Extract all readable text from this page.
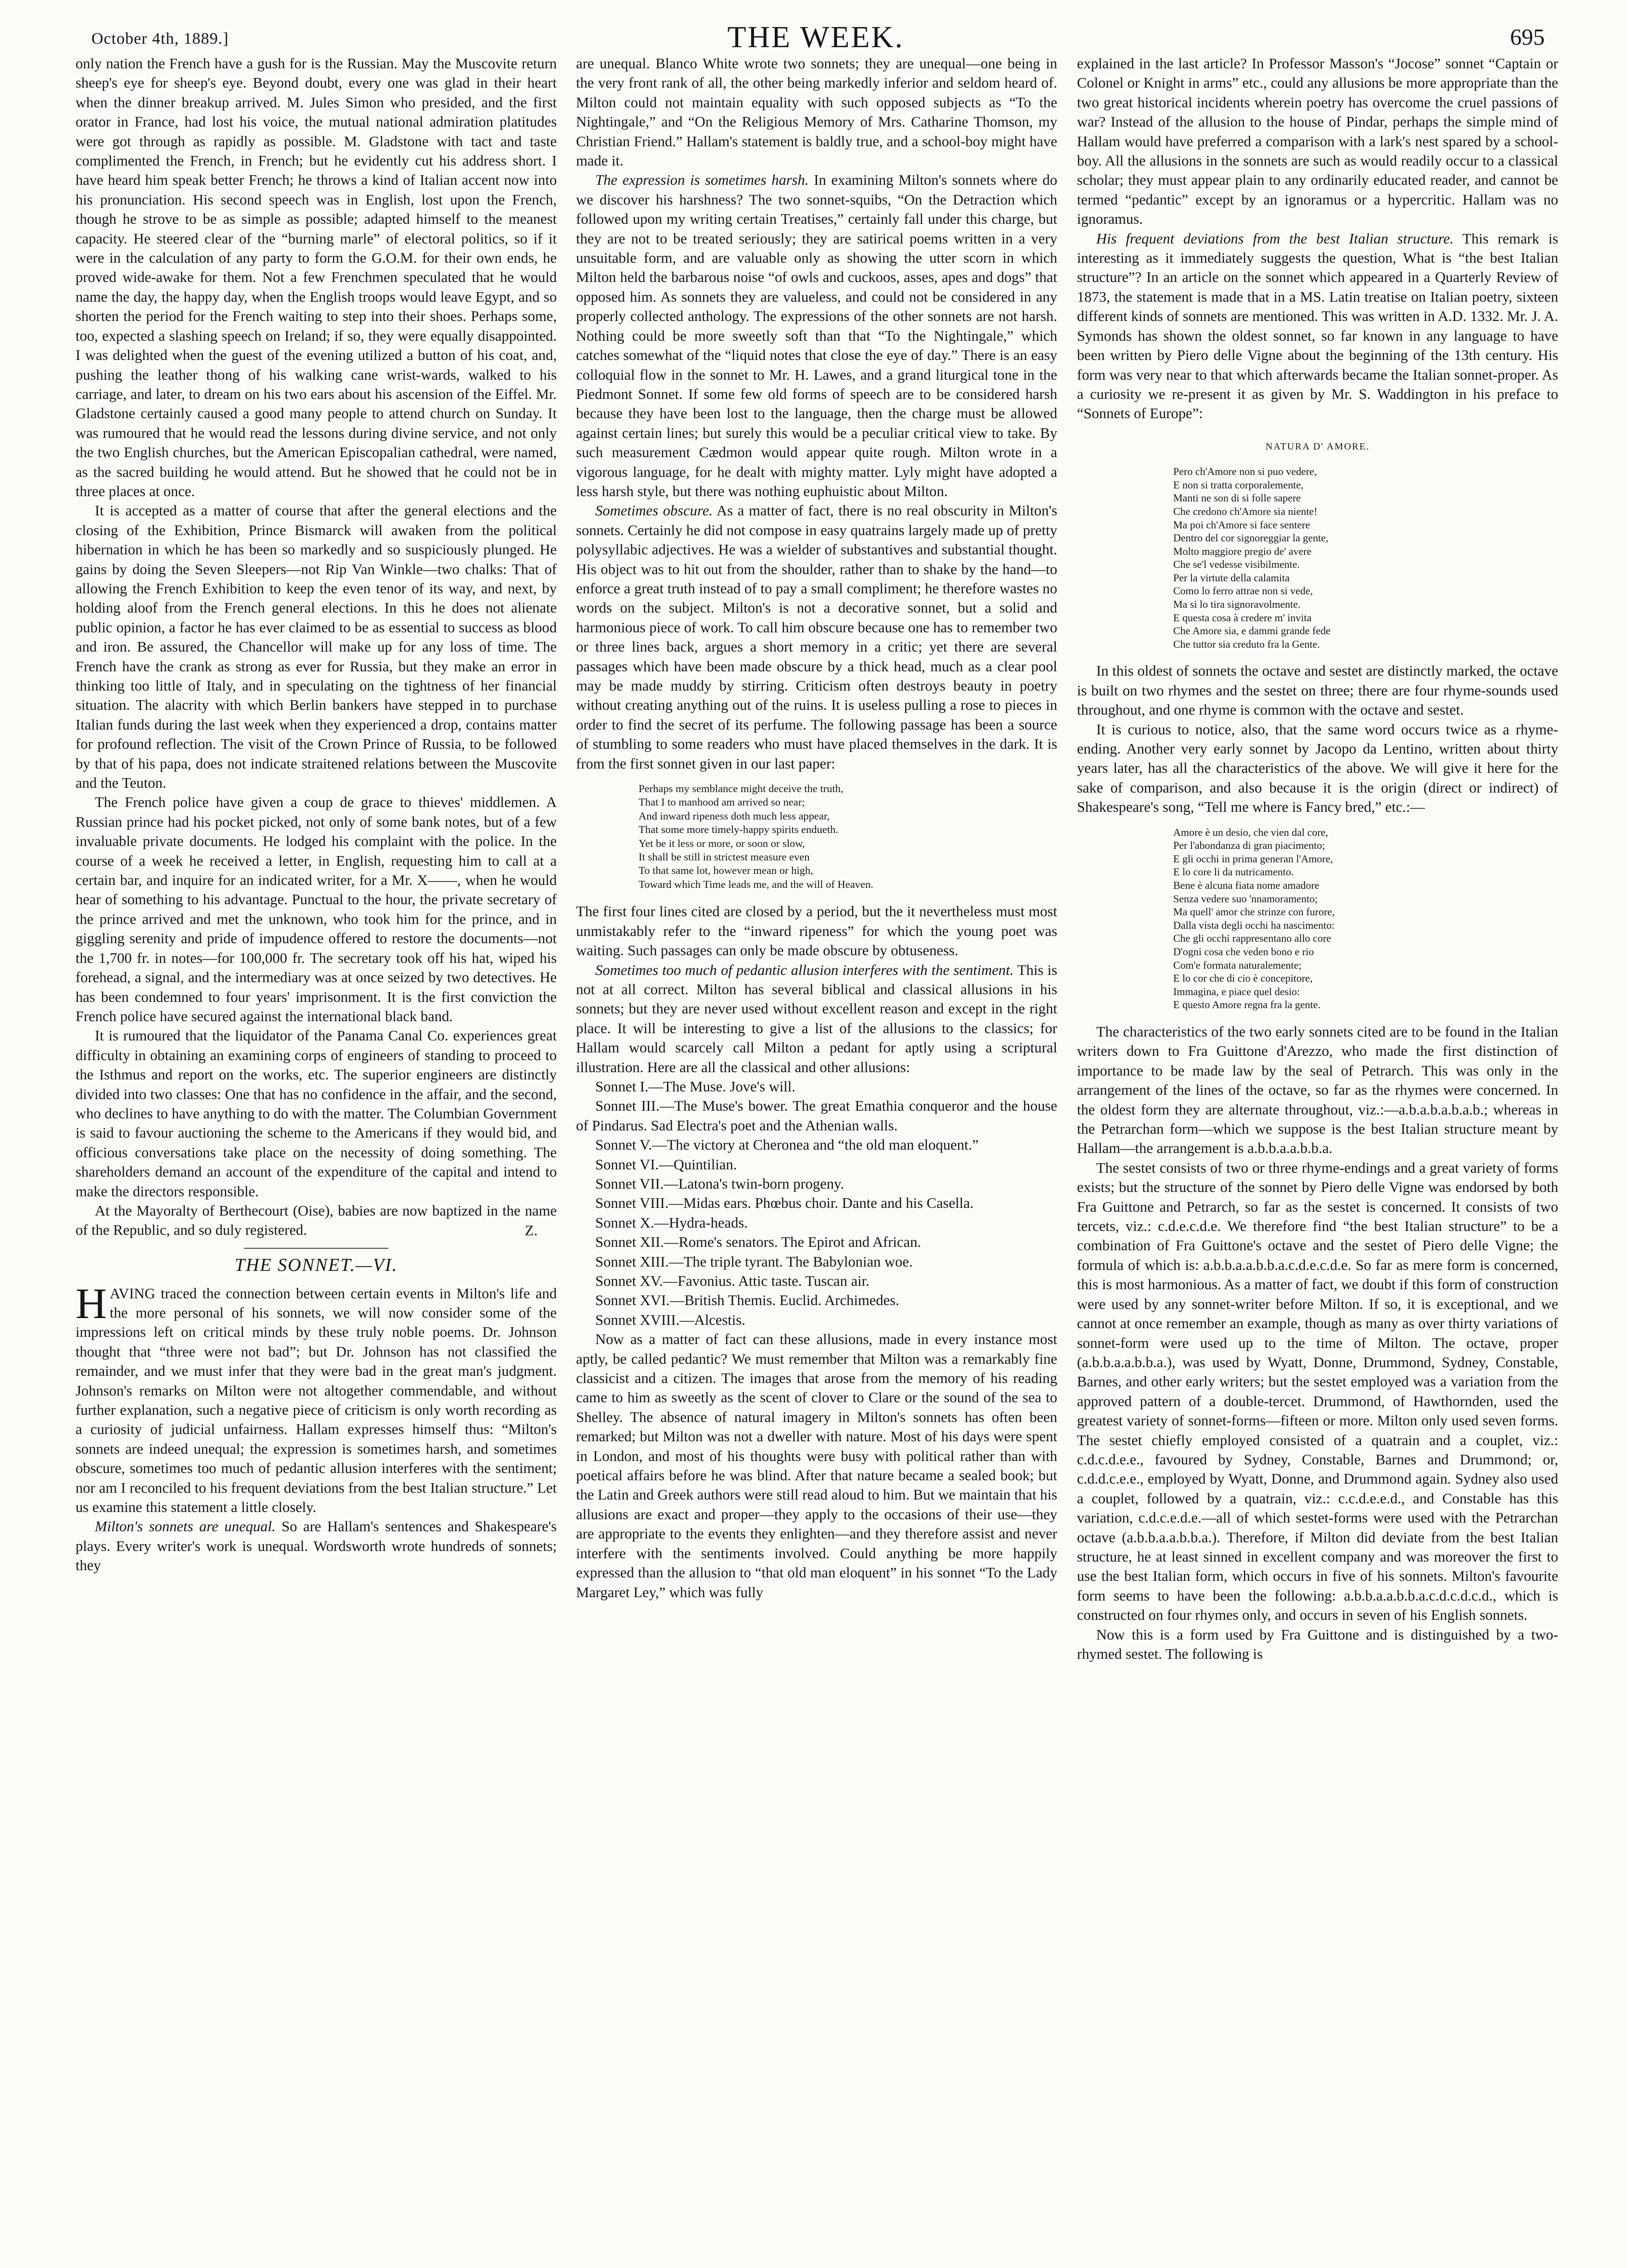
October 4th, 1889.]	THE WEEK.	695

only nation the French have a gush for is the Russian. May the Muscovite return sheep's eye for sheep's eye. Beyond doubt, every one was glad in their heart when the dinner breakup arrived. M. Jules Simon who presided, and the first orator in France, had lost his voice, the mutual national admiration platitudes were got through as rapidly as possible. M. Gladstone with tact and taste complimented the French, in French; but he evidently cut his address short. I have heard him speak better French; he throws a kind of Italian accent now into his pronunciation. His second speech was in English, lost upon the French, though he strove to be as simple as possible; adapted himself to the meanest capacity. He steered clear of the “burning marle” of electoral politics, so if it were in the calculation of any party to form the G.O.M. for their own ends, he proved wide-awake for them. Not a few Frenchmen speculated that he would name the day, the happy day, when the English troops would leave Egypt, and so shorten the period for the French waiting to step into their shoes. Perhaps some, too, expected a slashing speech on Ireland; if so, they were equally disappointed. I was delighted when the guest of the evening utilized a button of his coat, and, pushing the leather thong of his walking cane wrist-wards, walked to his carriage, and later, to dream on his two ears about his ascension of the Eiffel. Mr. Gladstone certainly caused a good many people to attend church on Sunday. It was rumoured that he would read the lessons during divine service, and not only the two English churches, but the American Episcopalian cathedral, were named, as the sacred building he would attend. But he showed that he could not be in three places at once.

It is accepted as a matter of course that after the general elections and the closing of the Exhibition, Prince Bismarck will awaken from the political hibernation in which he has been so markedly and so suspiciously plunged. He gains by doing the Seven Sleepers—not Rip Van Winkle—two chalks: That of allowing the French Exhibition to keep the even tenor of its way, and next, by holding aloof from the French general elections. In this he does not alienate public opinion, a factor he has ever claimed to be as essential to success as blood and iron. Be assured, the Chancellor will make up for any loss of time. The French have the crank as strong as ever for Russia, but they make an error in thinking too little of Italy, and in speculating on the tightness of her financial situation. The alacrity with which Berlin bankers have stepped in to purchase Italian funds during the last week when they experienced a drop, contains matter for profound reflection. The visit of the Crown Prince of Russia, to be followed by that of his papa, does not indicate straitened relations between the Muscovite and the Teuton.

The French police have given a coup de grace to thieves' middlemen. A Russian prince had his pocket picked, not only of some bank notes, but of a few invaluable private documents. He lodged his complaint with the police. In the course of a week he received a letter, in English, requesting him to call at a certain bar, and inquire for an indicated writer, for a Mr. X——, when he would hear of something to his advantage. Punctual to the hour, the private secretary of the prince arrived and met the unknown, who took him for the prince, and in giggling serenity and pride of impudence offered to restore the documents—not the 1,700 fr. in notes—for 100,000 fr. The secretary took off his hat, wiped his forehead, a signal, and the intermediary was at once seized by two detectives. He has been condemned to four years' imprisonment. It is the first conviction the French police have secured against the international black band.

It is rumoured that the liquidator of the Panama Canal Co. experiences great difficulty in obtaining an examining corps of engineers of standing to proceed to the Isthmus and report on the works, etc. The superior engineers are distinctly divided into two classes: One that has no confidence in the affair, and the second, who declines to have anything to do with the matter. The Columbian Government is said to favour auctioning the scheme to the Americans if they would bid, and officious conversations take place on the necessity of doing something. The shareholders demand an account of the expenditure of the capital and intend to make the directors responsible.

At the Mayoralty of Berthecourt (Oise), babies are now baptized in the name of the Republic, and so duly registered.	Z.
THE SONNET.—VI.

HAVING traced the connection between certain events in Milton's life and the more personal of his sonnets, we will now consider some of the impressions left on critical minds by these truly noble poems. Dr. Johnson thought that “three were not bad”; but Dr. Johnson has not classified the remainder, and we must infer that they were bad in the great man's judgment. Johnson's remarks on Milton were not altogether commendable, and without further explanation, such a negative piece of criticism is only worth recording as a curiosity of judicial unfairness. Hallam expresses himself thus: “Milton's sonnets are indeed unequal; the expression is sometimes harsh, and sometimes obscure, sometimes too much of pedantic allusion interferes with the sentiment; nor am I reconciled to his frequent deviations from the best Italian structure.” Let us examine this statement a little closely.

Milton's sonnets are unequal. So are Hallam's sentences and Shakespeare's plays. Every writer's work is unequal. Wordsworth wrote hundreds of sonnets; they

are unequal. Blanco White wrote two sonnets; they are unequal—one being in the very front rank of all, the other being markedly inferior and seldom heard of. Milton could not maintain equality with such opposed subjects as “To the Nightingale,” and “On the Religious Memory of Mrs. Catharine Thomson, my Christian Friend.” Hallam's statement is baldly true, and a school-boy might have made it.

The expression is sometimes harsh. In examining Milton's sonnets where do we discover his harshness? The two sonnet-squibs, “On the Detraction which followed upon my writing certain Treatises,” certainly fall under this charge, but they are not to be treated seriously; they are satirical poems written in a very unsuitable form, and are valuable only as showing the utter scorn in which Milton held the barbarous noise “of owls and cuckoos, asses, apes and dogs” that opposed him. As sonnets they are valueless, and could not be considered in any properly collected anthology. The expressions of the other sonnets are not harsh. Nothing could be more sweetly soft than that “To the Nightingale,” which catches somewhat of the “liquid notes that close the eye of day.” There is an easy colloquial flow in the sonnet to Mr. H. Lawes, and a grand liturgical tone in the Piedmont Sonnet. If some few old forms of speech are to be considered harsh because they have been lost to the language, then the charge must be allowed against certain lines; but surely this would be a peculiar critical view to take. By such measurement Cædmon would appear quite rough. Milton wrote in a vigorous language, for he dealt with mighty matter. Lyly might have adopted a less harsh style, but there was nothing euphuistic about Milton.

Sometimes obscure. As a matter of fact, there is no real obscurity in Milton's sonnets. Certainly he did not compose in easy quatrains largely made up of pretty polysyllabic adjectives. He was a wielder of substantives and substantial thought. His object was to hit out from the shoulder, rather than to shake by the hand—to enforce a great truth instead of to pay a small compliment; he therefore wastes no words on the subject. Milton's is not a decorative sonnet, but a solid and harmonious piece of work. To call him obscure because one has to remember two or three lines back, argues a short memory in a critic; yet there are several passages which have been made obscure by a thick head, much as a clear pool may be made muddy by stirring. Criticism often destroys beauty in poetry without creating anything out of the ruins. It is useless pulling a rose to pieces in order to find the secret of its perfume. The following passage has been a source of stumbling to some readers who must have placed themselves in the dark. It is from the first sonnet given in our last paper:

Perhaps my semblance might deceive the truth,
That I to manhood am arrived so near;
And inward ripeness doth much less appear,
That some more timely-happy spirits endueth.
Yet be it less or more, or soon or slow,
It shall be still in strictest measure even
To that same lot, however mean or high,
Toward which Time leads me, and the will of Heaven.

The first four lines cited are closed by a period, but the it nevertheless must most unmistakably refer to the “inward ripeness” for which the young poet was waiting. Such passages can only be made obscure by obtuseness.

Sometimes too much of pedantic allusion interferes with the sentiment. This is not at all correct. Milton has several biblical and classical allusions in his sonnets; but they are never used without excellent reason and except in the right place. It will be interesting to give a list of the allusions to the classics; for Hallam would scarcely call Milton a pedant for aptly using a scriptural illustration. Here are all the classical and other allusions:

Sonnet I.—The Muse. Jove's will.

Sonnet III.—The Muse's bower. The great Emathia conqueror and the house of Pindarus. Sad Electra's poet and the Athenian walls.

Sonnet V.—The victory at Cheronea and “the old man eloquent.”

Sonnet VI.—Quintilian.

Sonnet VII.—Latona's twin-born progeny.

Sonnet VIII.—Midas ears. Phœbus choir. Dante and his Casella.

Sonnet X.—Hydra-heads.

Sonnet XII.—Rome's senators. The Epirot and African.

Sonnet XIII.—The triple tyrant. The Babylonian woe.

Sonnet XV.—Favonius. Attic taste. Tuscan air.

Sonnet XVI.—British Themis. Euclid. Archimedes.

Sonnet XVIII.—Alcestis.

Now as a matter of fact can these allusions, made in every instance most aptly, be called pedantic? We must remember that Milton was a remarkably fine classicist and a citizen. The images that arose from the memory of his reading came to him as sweetly as the scent of clover to Clare or the sound of the sea to Shelley. The absence of natural imagery in Milton's sonnets has often been remarked; but Milton was not a dweller with nature. Most of his days were spent in London, and most of his thoughts were busy with political rather than with poetical affairs before he was blind. After that nature became a sealed book; but the Latin and Greek authors were still read aloud to him. But we maintain that his allusions are exact and proper—they apply to the occasions of their use—they are appropriate to the events they enlighten—and they therefore assist and never interfere with the sentiments involved. Could anything be more happily expressed than the allusion to “that old man eloquent” in his sonnet “To the Lady Margaret Ley,” which was fully

explained in the last article? In Professor Masson's “Jocose” sonnet “Captain or Colonel or Knight in arms” etc., could any allusions be more appropriate than the two great historical incidents wherein poetry has overcome the cruel passions of war? Instead of the allusion to the house of Pindar, perhaps the simple mind of Hallam would have preferred a comparison with a lark's nest spared by a school-boy. All the allusions in the sonnets are such as would readily occur to a classical scholar; they must appear plain to any ordinarily educated reader, and cannot be termed “pedantic” except by an ignoramus or a hypercritic. Hallam was no ignoramus.

His frequent deviations from the best Italian structure. This remark is interesting as it immediately suggests the question, What is “the best Italian structure”? In an article on the sonnet which appeared in a Quarterly Review of 1873, the statement is made that in a MS. Latin treatise on Italian poetry, sixteen different kinds of sonnets are mentioned. This was written in A.D. 1332. Mr. J. A. Symonds has shown the oldest sonnet, so far known in any language to have been written by Piero delle Vigne about the beginning of the 13th century. His form was very near to that which afterwards became the Italian sonnet-proper. As a curiosity we re-present it as given by Mr. S. Waddington in his preface to “Sonnets of Europe”:

NATURA D' AMORE.
Pero ch'Amore non si puo vedere,
E non si tratta corporalemente,
Manti ne son di si folle sapere
Che credono ch'Amore sia niente!
Ma poi ch'Amore si face sentere
Dentro del cor signoreggiar la gente,
Molto maggiore pregio de' avere
Che se'l vedesse visibilmente.
Per la virtute della calamita
Como lo ferro attrae non si vede,
Ma si lo tira signoravolmente.
E questa cosa à credere m' invita
Che Amore sia, e dammi grande fede
Che tuttor sia creduto fra la Gente.

In this oldest of sonnets the octave and sestet are distinctly marked, the octave is built on two rhymes and the sestet on three; there are four rhyme-sounds used throughout, and one rhyme is common with the octave and sestet.

It is curious to notice, also, that the same word occurs twice as a rhyme-ending. Another very early sonnet by Jacopo da Lentino, written about thirty years later, has all the characteristics of the above. We will give it here for the sake of comparison, and also because it is the origin (direct or indirect) of Shakespeare's song, “Tell me where is Fancy bred,” etc.:—

Amore è un desio, che vien dal core,
Per l'abondanza di gran piacimento;
E gli occhi in prima generan l'Amore,
E lo core li da nutricamento.
Bene è alcuna fiata nome amadore
Senza vedere suo 'nnamoramento;
Ma quell' amor che strinze con furore,
Dalla vista degli occhi ha nascimento:
Che gli occhi rappresentano allo core
D'ogni cosa che veden bono e rio
Com'e formata naturalemente;
E lo cor che di cio è concepitore,
Immagina, e piace quel desio:
E questo Amore regna fra la gente.

The characteristics of the two early sonnets cited are to be found in the Italian writers down to Fra Guittone d'Arezzo, who made the first distinction of importance to be made law by the seal of Petrarch. This was only in the arrangement of the lines of the octave, so far as the rhymes were concerned. In the oldest form they are alternate throughout, viz.:—a.b.a.b.a.b.a.b.; whereas in the Petrarchan form—which we suppose is the best Italian structure meant by Hallam—the arrangement is a.b.b.a.a.b.b.a.

The sestet consists of two or three rhyme-endings and a great variety of forms exists; but the structure of the sonnet by Piero delle Vigne was endorsed by both Fra Guittone and Petrarch, so far as the sestet is concerned. It consists of two tercets, viz.: c.d.e.c.d.e. We therefore find “the best Italian structure” to be a combination of Fra Guittone's octave and the sestet of Piero delle Vigne; the formula of which is: a.b.b.a.a.b.b.a.c.d.e.c.d.e. So far as mere form is concerned, this is most harmonious. As a matter of fact, we doubt if this form of construction were used by any sonnet-writer before Milton. If so, it is exceptional, and we cannot at once remember an example, though as many as over thirty variations of sonnet-form were used up to the time of Milton. The octave, proper (a.b.b.a.a.b.b.a.), was used by Wyatt, Donne, Drummond, Sydney, Constable, Barnes, and other early writers; but the sestet employed was a variation from the approved pattern of a double-tercet. Drummond, of Hawthornden, used the greatest variety of sonnet-forms—fifteen or more. Milton only used seven forms. The sestet chiefly employed consisted of a quatrain and a couplet, viz.: c.d.c.d.e.e., favoured by Sydney, Constable, Barnes and Drummond; or, c.d.d.c.e.e., employed by Wyatt, Donne, and Drummond again. Sydney also used a couplet, followed by a quatrain, viz.: c.c.d.e.e.d., and Constable has this variation, c.d.c.e.d.e.—all of which sestet-forms were used with the Petrarchan octave (a.b.b.a.a.b.b.a.). Therefore, if Milton did deviate from the best Italian structure, he at least sinned in excellent company and was moreover the first to use the best Italian form, which occurs in five of his sonnets. Milton's favourite form seems to have been the following: a.b.b.a.a.b.b.a.c.d.c.d.c.d., which is constructed on four rhymes only, and occurs in seven of his English sonnets.

Now this is a form used by Fra Guittone and is distinguished by a two-rhymed sestet. The following is
